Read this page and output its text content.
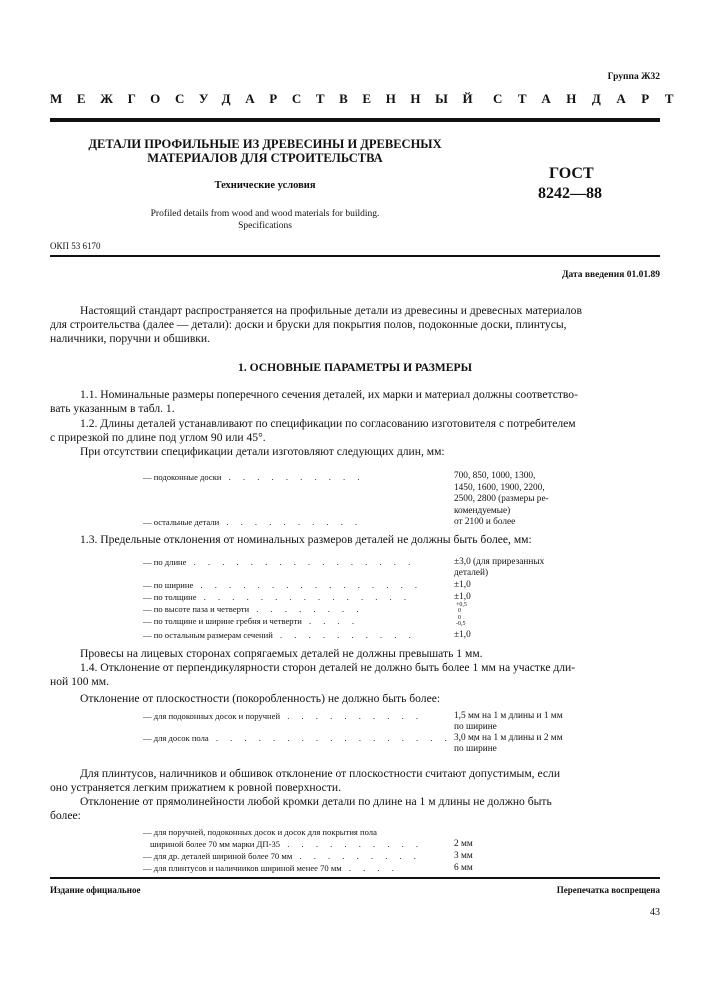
Группа Ж32
МЕЖГОСУДАРСТВЕННЫЙ СТАНДАРТ
ДЕТАЛИ ПРОФИЛЬНЫЕ ИЗ ДРЕВЕСИНЫ И ДРЕВЕСНЫХ
МАТЕРИАЛОВ ДЛЯ СТРОИТЕЛЬСТВА
Технические условия
Profiled details from wood and wood materials for building.
Specifications
ГОСТ
8242—88
ОКП 53 6170
Дата введения 01.01.89
Настоящий стандарт распространяется на профильные детали из древесины и древесных материалов
для строительства (далее — детали): доски и бруски для покрытия полов, подоконные доски, плинтусы,
наличники, поручни и обшивки.
1. ОСНОВНЫЕ ПАРАМЕТРЫ И РАЗМЕРЫ
1.1. Номинальные размеры поперечного сечения деталей, их марки и материал должны соответство-
вать указанным в табл. 1.
1.2. Длины деталей устанавливают по спецификации по согласованию изготовителя с потребителем
с прирезкой по длине под углом 90 или 45°.
При отсутствии спецификации детали изготовляют следующих длин, мм:
— подоконные доски . . . . . . . . . .	700, 850, 1000, 1300,
1450, 1600, 1900, 2200,
2500, 2800 (размеры ре-
комендуемые)
— остальные детали . . . . . . . . . .	от 2100 и более
1.3. Предельные отклонения от номинальных размеров деталей не должны быть более, мм:
— по длине . . . . . . . . . . . . . . . .	±3,0 (для прирезанных
деталей)
— по ширине . . . . . . . . . . . . . . . .	±1,0
— по толщине . . . . . . . . . . . . . . .	±1,0
— по высоте паза и четверти . . . . . . . .	+0,5
0
— по толщине и ширине гребня и четверти . . . .	0
-0,5
— по остальным размерам сечений . . . . . . . . . .	±1,0
Провесы на лицевых сторонах сопрягаемых деталей не должны превышать 1 мм.
1.4. Отклонение от перпендикулярности сторон деталей не должно быть более 1 мм на участке дли-
ной 100 мм.
Отклонение от плоскостности (покоробленность) не должно быть более:
— для подоконных досок и поручней . . . . . . . . . .	1,5 мм на 1 м длины и 1 мм
по ширине
— для досок пола . . . . . . . . . . . . . . . . . . .
3,0 мм на 1 м длины и 2 мм
по ширине
Для плинтусов, наличников и обшивок отклонение от плоскостности считают допустимым, если
оно устраняется легким прижатием к ровной поверхности.
Отклонение от прямолинейности любой кромки детали по длине на 1 м длины не должно быть
более:
— для поручней, подоконных досок и досок для покрытия пола
шириной более 70 мм марки ДП-35 . . . . . . . . . .	2 мм
— для др. деталей шириной более 70 мм . . . . . . . . .	3 мм
— для плинтусов и наличников шириной менее 70 мм . . . .	6 мм
Издание официальное	Перепечатка воспрещена
43
